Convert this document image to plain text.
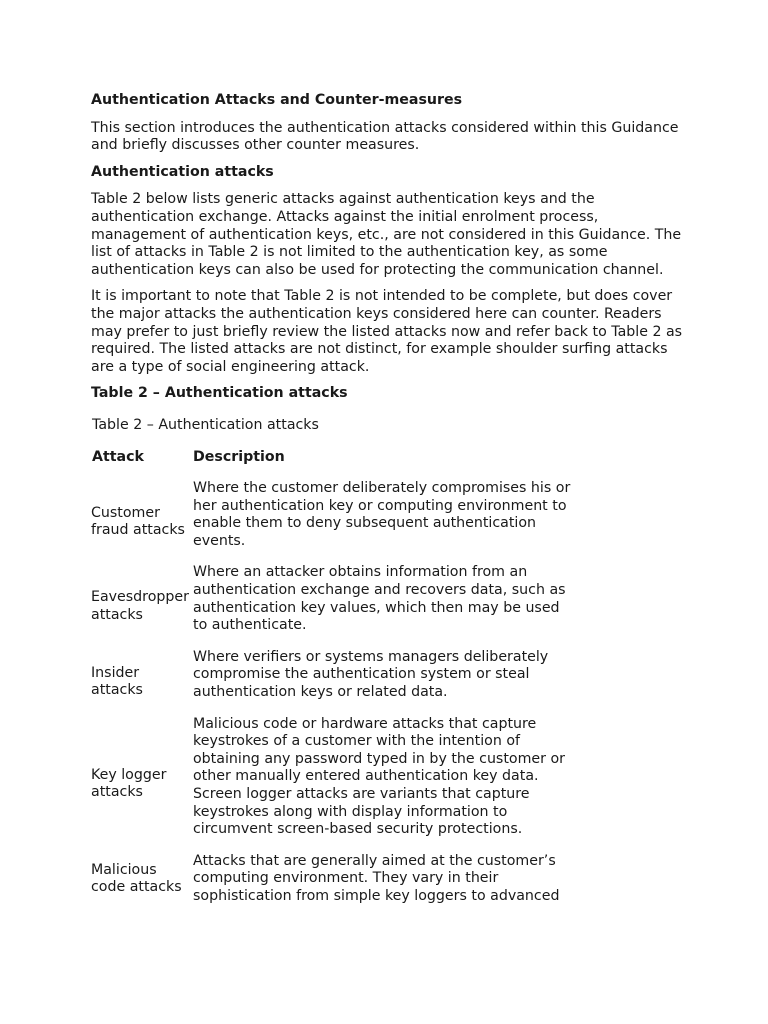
Authentication Attacks and Counter-measures

This section introduces the authentication attacks considered within this Guidance and briefly discusses other counter measures.

Authentication attacks

Table 2 below lists generic attacks against authentication keys and the authentication exchange. Attacks against the initial enrolment process, management of authentication keys, etc., are not considered in this Guidance. The list of attacks in Table 2 is not limited to the authentication key, as some authentication keys can also be used for protecting the communication channel.

It is important to note that Table 2 is not intended to be complete, but does cover the major attacks the authentication keys considered here can counter. Readers may prefer to just briefly review the listed attacks now and refer back to Table 2 as required. The listed attacks are not distinct, for example shoulder surfing attacks are a type of social engineering attack.

Table 2 – Authentication attacks
Table 2 – Authentication attacks
Attack	Description
Customer fraud attacks	Where the customer deliberately compromises his or her authentication key or computing environment to enable them to deny subsequent authentication events.
Eavesdropper attacks	Where an attacker obtains information from an authentication exchange and recovers data, such as authentication key values, which then may be used to authenticate.
Insider attacks	Where verifiers or systems managers deliberately compromise the authentication system or steal authentication keys or related data.
Key logger attacks	Malicious code or hardware attacks that capture keystrokes of a customer with the intention of obtaining any password typed in by the customer or other manually entered authentication key data. Screen logger attacks are variants that capture keystrokes along with display information to circumvent screen-based security protections.
Malicious code attacks	Attacks that are generally aimed at the customer’s computing environment. They vary in their sophistication from simple key loggers to advanced
